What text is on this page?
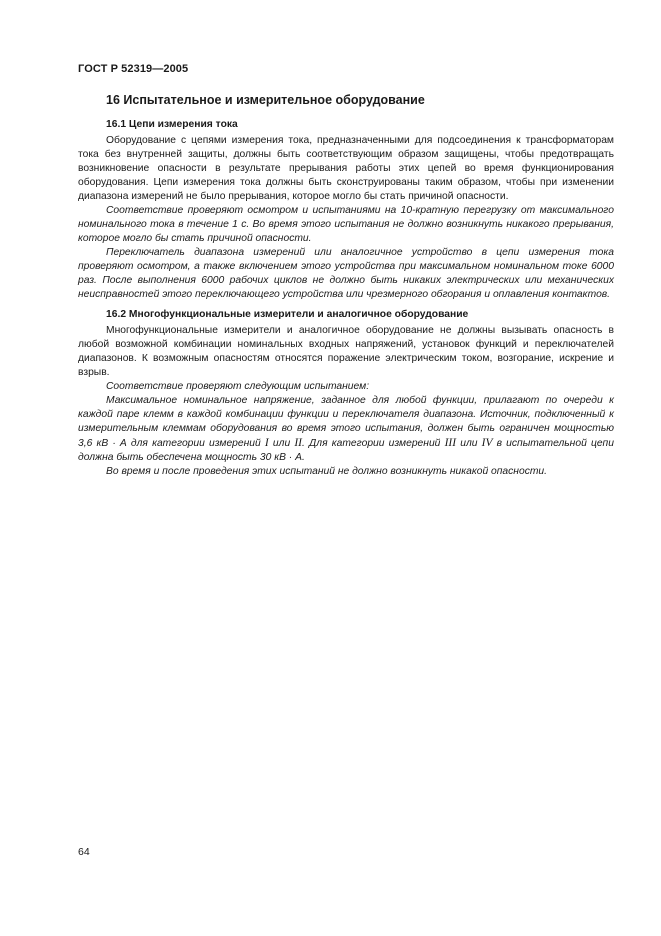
ГОСТ Р 52319—2005
16 Испытательное и измерительное оборудование
16.1 Цепи измерения тока

Оборудование с цепями измерения тока, предназначенными для подсоединения к трансформаторам тока без внутренней защиты, должны быть соответствующим образом защищены, чтобы предотвращать возникновение опасности в результате прерывания работы этих цепей во время функционирования оборудования. Цепи измерения тока должны быть сконструированы таким образом, чтобы при изменении диапазона измерений не было прерывания, которое могло бы стать причиной опасности.

Соответствие проверяют осмотром и испытаниями на 10-кратную перегрузку от максимального номинального тока в течение 1 с. Во время этого испытания не должно возникнуть никакого прерывания, которое могло бы стать причиной опасности.

Переключатель диапазона измерений или аналогичное устройство в цепи измерения тока проверяют осмотром, а также включением этого устройства при максимальном номинальном токе 6000 раз. После выполнения 6000 рабочих циклов не должно быть никаких электрических или механических неисправностей этого переключающего устройства или чрезмерного обгорания и оплавления контактов.

16.2 Многофункциональные измерители и аналогичное оборудование

Многофункциональные измерители и аналогичное оборудование не должны вызывать опасность в любой возможной комбинации номинальных входных напряжений, установок функций и переключателей диапазонов. К возможным опасностям относятся поражение электрическим током, возгорание, искрение и взрыв.

Соответствие проверяют следующим испытанием:

Максимальное номинальное напряжение, заданное для любой функции, прилагают по очереди к каждой паре клемм в каждой комбинации функции и переключателя диапазона. Источник, подключенный к измерительным клеммам оборудования во время этого испытания, должен быть ограничен мощностью 3,6 кВ · А для категории измерений I или II. Для категории измерений III или IV в испытательной цепи должна быть обеспечена мощность 30 кВ · А.

Во время и после проведения этих испытаний не должно возникнуть никакой опасности.

64
